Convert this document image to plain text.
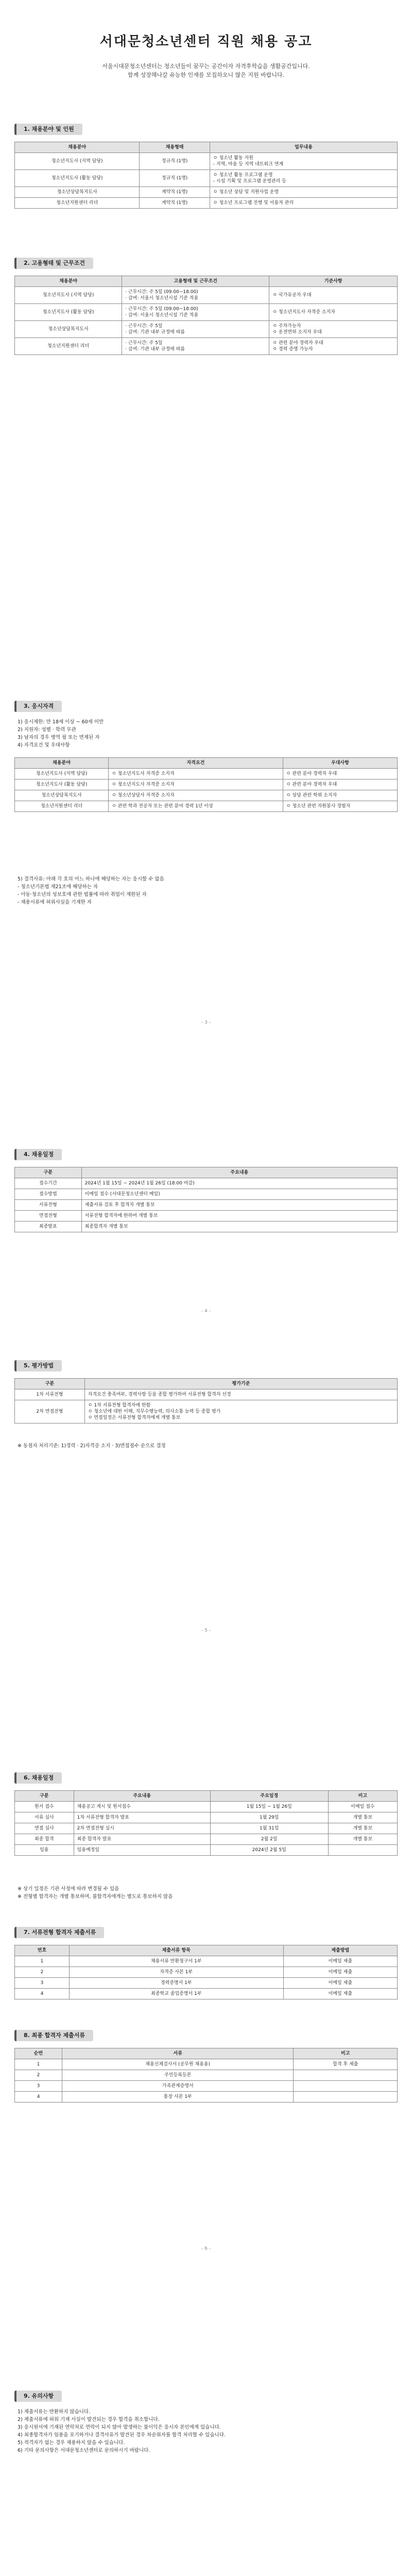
서대문청소년센터 직원 채용 공고
서울시대문청소년센터는 청소년들이 꿈꾸는 공간이자 자격후학습을 생활공간입니다.
함께 성장해나갈 유능한 인재를 모집하오니 많은 지원 바랍니다.
1. 채용분야 및 인원
채용분야	채용형태	업무내용
청소년지도사 (지역 담당)	정규직 (1명)	ㅇ 청소년 활동 지원
- 지역, 마을 등 지역 네트워크 연계
청소년지도사 (활동 담당)	정규직 (1명)	ㅇ 청소년 활동 프로그램 운영
- 시설 기획 및 프로그램 운영관리 등
청소년상담복지도사	계약직 (1명)	ㅇ 청소년 상담 및 지원사업 운영
청소년지원센터 리더	계약직 (1명)	ㅇ 청소년 프로그램 진행 및 이용자 관리
2. 고용형태 및 근무조건
채용분야	고용형태 및 근무조건	기준사항
청소년지도사 (지역 담당)	· 근무시간: 주 5일 (09:00~18:00)
· 급여: 서울시 청소년시설 기준 적용	ㅇ 국가유공자 우대
청소년지도사 (활동 담당)	· 근무시간: 주 5일 (09:00~18:00)
· 급여: 서울시 청소년시설 기준 적용	ㅇ 청소년지도사 자격증 소지자
청소년상담복지도사	· 근무시간: 주 5일
· 급여: 기관 내부 규정에 따름	ㅇ 주차가능자
ㅇ 운전면허 소지자 우대
청소년지원센터 리더	· 근무시간: 주 5일
· 급여: 기관 내부 규정에 따름	ㅇ 관련 분야 경력자 우대
ㅇ 경력 증명 가능자
3. 응시자격
1) 응시제한: 만 18세 이상 ~ 60세 미만
2) 지원자: 성별 · 학력 무관
3) 남자의 경우 병역 필 또는 면제된 자
4) 자격요건 및 우대사항
채용분야	자격요건	우대사항
청소년지도사 (지역 담당)	ㅇ 청소년지도사 자격증 소지자	ㅇ 관련 분야 경력자 우대
청소년지도사 (활동 담당)	ㅇ 청소년지도사 자격증 소지자	ㅇ 관련 분야 경력자 우대
청소년상담복지도사	ㅇ 청소년상담사 자격증 소지자	ㅇ 상담 관련 학위 소지자
청소년지원센터 리더	ㅇ 관련 학과 전공자 또는 관련 분야 경력 1년 이상	ㅇ 청소년 관련 자원봉사 경험자
5) 결격사유: 아래 각 호의 어느 하나에 해당하는 자는 응시할 수 없음
- 청소년기본법 제21조에 해당하는 자
- 아동·청소년의 성보호에 관한 법률에 따라 취업이 제한된 자
- 채용서류에 허위사실을 기재한 자
- 3 -
4. 채용일정
구분	주요내용
접수기간	2024년 1월 15일 ~ 2024년 1월 26일 (18:00 마감)
접수방법	이메일 접수 (서대문청소년센터 메일)
서류전형	제출서류 검토 후 합격자 개별 통보
면접전형	서류전형 합격자에 한하여 개별 통보
최종발표	최종합격자 개별 통보
- 4 -
5. 평가방법
구분	평가기준
1차 서류전형	자격요건 충족여부, 경력사항 등을 종합 평가하여 서류전형 합격자 선정
2차 면접전형	ㅇ 1차 서류전형 합격자에 한함
ㅇ 청소년에 대한 이해, 직무수행능력, 의사소통 능력 등 종합 평가
ㅇ 면접일정은 서류전형 합격자에게 개별 통보
※ 동점자 처리기준: 1)경력 · 2)자격증 소지 · 3)면접점수 순으로 결정
- 5 -
6. 채용일정
구분	주요내용	주요일정	비고
원서 접수	채용공고 게시 및 원서접수	1월 15일 ~ 1월 26일	이메일 접수
서류 심사	1차 서류전형 합격자 발표	1월 29일	개별 통보
면접 심사	2차 면접전형 실시	1월 31일	개별 통보
최종 합격	최종 합격자 발표	2월 2일	개별 통보
임용	임용예정일	2024년 2월 5일	
※ 상기 일정은 기관 사정에 따라 변경될 수 있음
※ 전형별 합격자는 개별 통보하며, 불합격자에게는 별도로 통보하지 않음
7. 서류전형 합격자 제출서류
번호	제출서류 항목	제출방법
1	채용서류 반환청구서 1부	이메일 제출
2	자격증 사본 1부	이메일 제출
3	경력증명서 1부	이메일 제출
4	최종학교 졸업증명서 1부	이메일 제출
8. 최종 합격자 제출서류
순번	서류	비고
1	채용신체검사서 (공무원 채용용)	합격 후 제출
2	주민등록등본	
3	가족관계증명서	
4	통장 사본 1부	
- 6 -
9. 유의사항
1) 제출서류는 반환하지 않습니다.
2) 제출서류에 허위 기재 사실이 발견되는 경우 합격을 취소합니다.
3) 응시원서에 기재된 연락처로 연락이 되지 않아 발생하는 불이익은 응시자 본인에게 있습니다.
4) 최종합격자가 임용을 포기하거나 결격사유가 발견된 경우 차순위자를 합격 처리할 수 있습니다.
5) 적격자가 없는 경우 채용하지 않을 수 있습니다.
6) 기타 문의사항은 서대문청소년센터로 문의하시기 바랍니다.
